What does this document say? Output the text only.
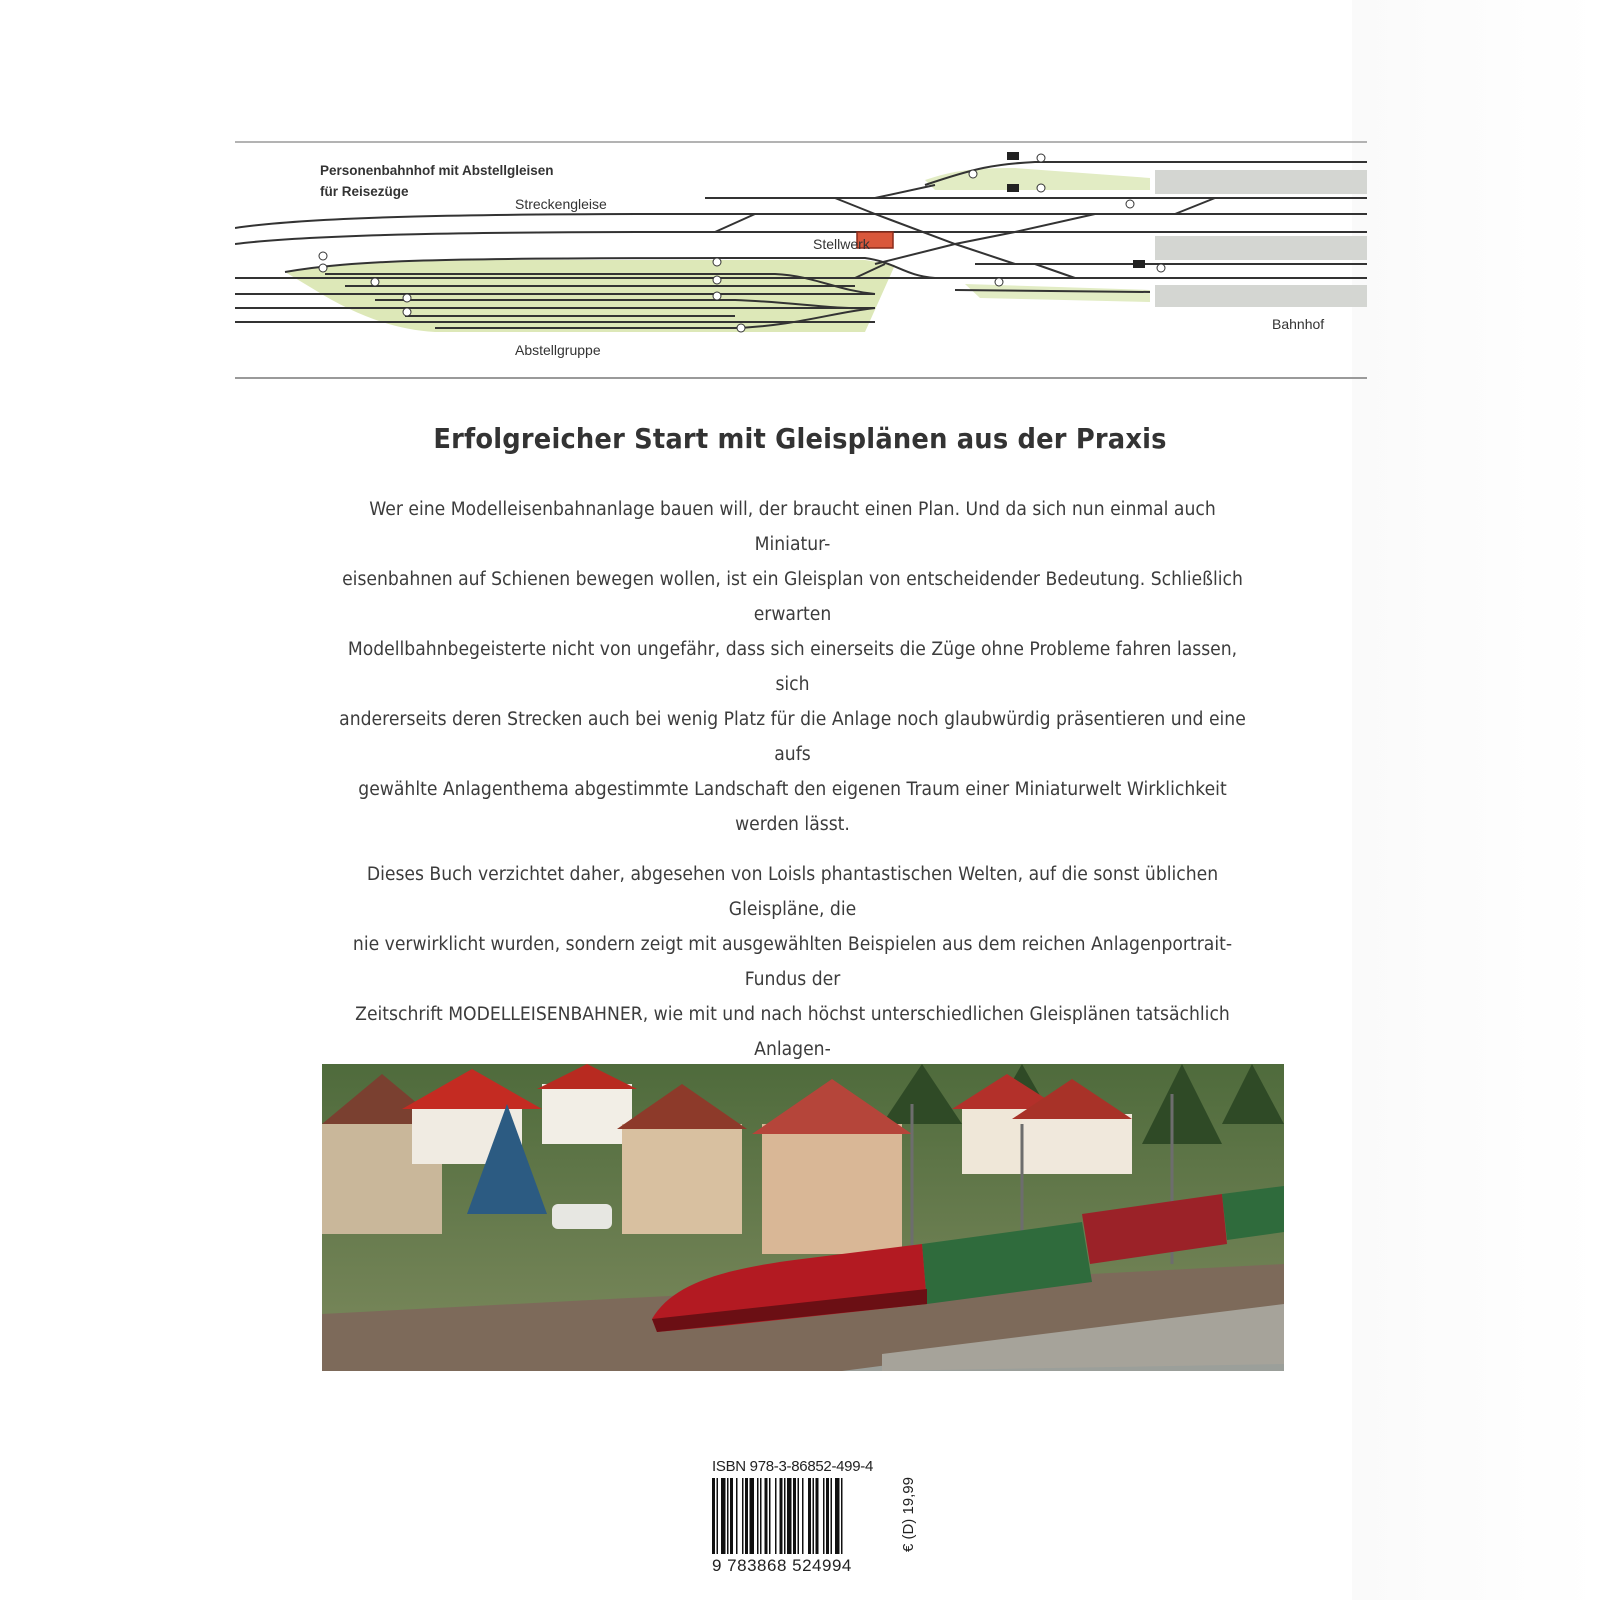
Personenbahnhof mit Abstellgleisen
für Reisezüge
Streckengleise
Stellwerk
Abstellgruppe
Bahnhof
Erfolgreicher Start mit Gleisplänen aus der Praxis

Wer eine Modelleisenbahnanlage bauen will, der braucht einen Plan. Und da sich nun einmal auch Miniatur-
eisenbahnen auf Schienen bewegen wollen, ist ein Gleisplan von entscheidender Bedeutung. Schließlich erwarten
Modellbahnbegeisterte nicht von ungefähr, dass sich einerseits die Züge ohne Probleme fahren lassen, sich
andererseits deren Strecken auch bei wenig Platz für die Anlage noch glaubwürdig präsentieren und eine aufs
gewählte Anlagenthema abgestimmte Landschaft den eigenen Traum einer Miniaturwelt Wirklichkeit werden lässt.

Dieses Buch verzichtet daher, abgesehen von Loisls phantastischen Welten, auf die sonst üblichen Gleispläne, die
nie verwirklicht wurden, sondern zeigt mit ausgewählten Beispielen aus dem reichen Anlagenportrait-Fundus der
Zeitschrift MODELLEISENBAHNER, wie mit und nach höchst unterschiedlichen Gleisplänen tatsächlich Anlagen-

ISBN 978-3-86852-499-4
9 783868 524994
€ (D) 19,99
